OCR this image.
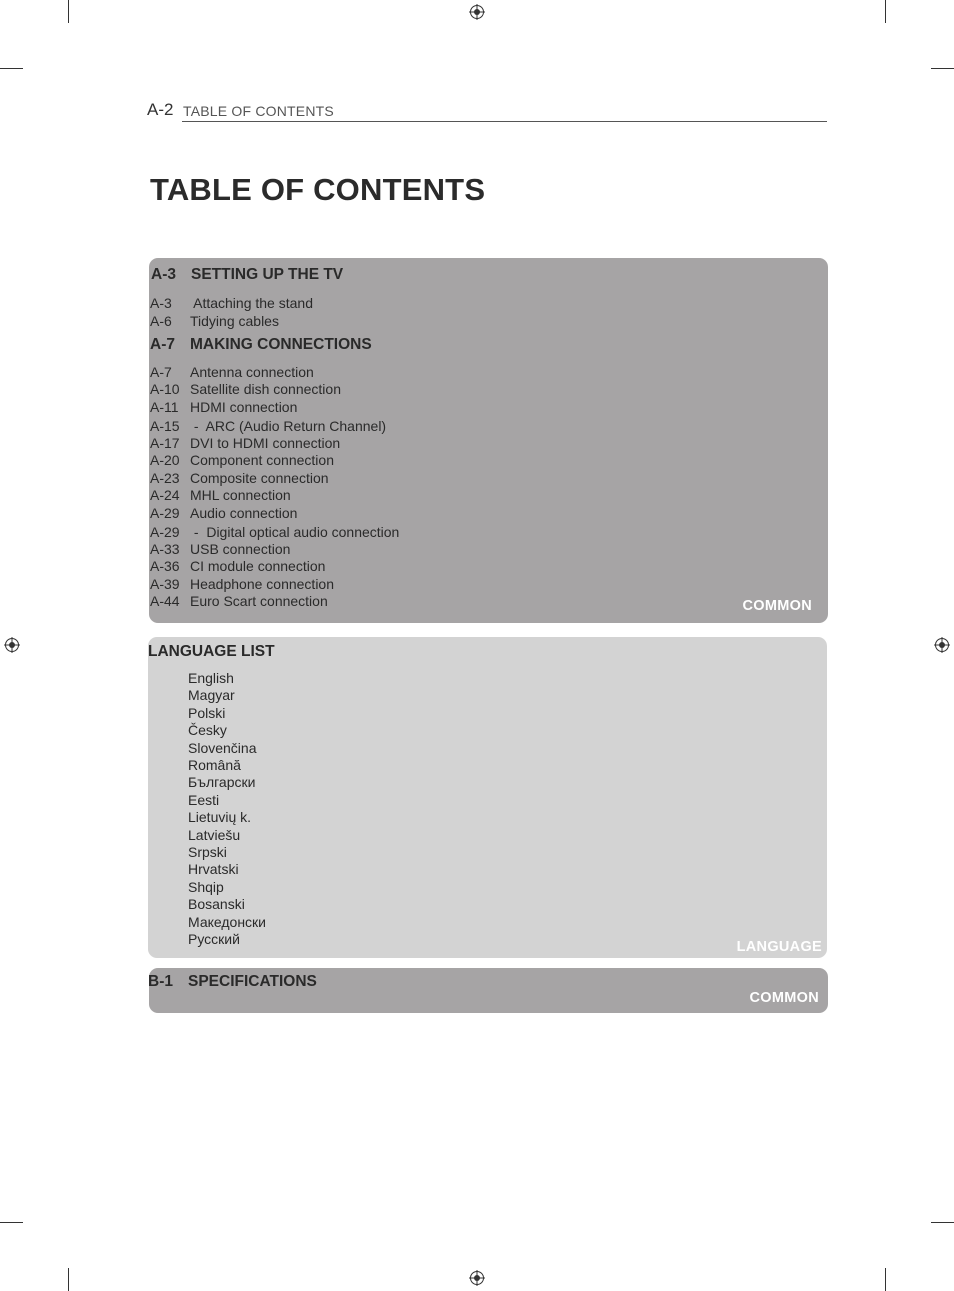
A-2 TABLE OF CONTENTS
TABLE OF CONTENTS
A-3 SETTING UP THE TV
A-3 Attaching the stand
A-6 Tidying cables
A-7 MAKING CONNECTIONS
A-7 Antenna connection
A-10 Satellite dish connection
A-11 HDMI connection
A-15 -  ARC (Audio Return Channel)
A-17 DVI to HDMI connection
A-20 Component connection
A-23 Composite connection
A-24 MHL connection
A-29 Audio connection
A-29 -  Digital optical audio connection
A-33 USB connection
A-36 CI module connection
A-39 Headphone connection
A-44 Euro Scart connection	COMMON
LANGUAGE LIST
English
Magyar
Polski
Česky
Slovenčina
Română
Български
Eesti
Lietuvių k.
Latviešu
Srpski
Hrvatski
Shqip
Bosanski
Македонски
Русский	LANGUAGE
B-1 SPECIFICATIONS
COMMON
